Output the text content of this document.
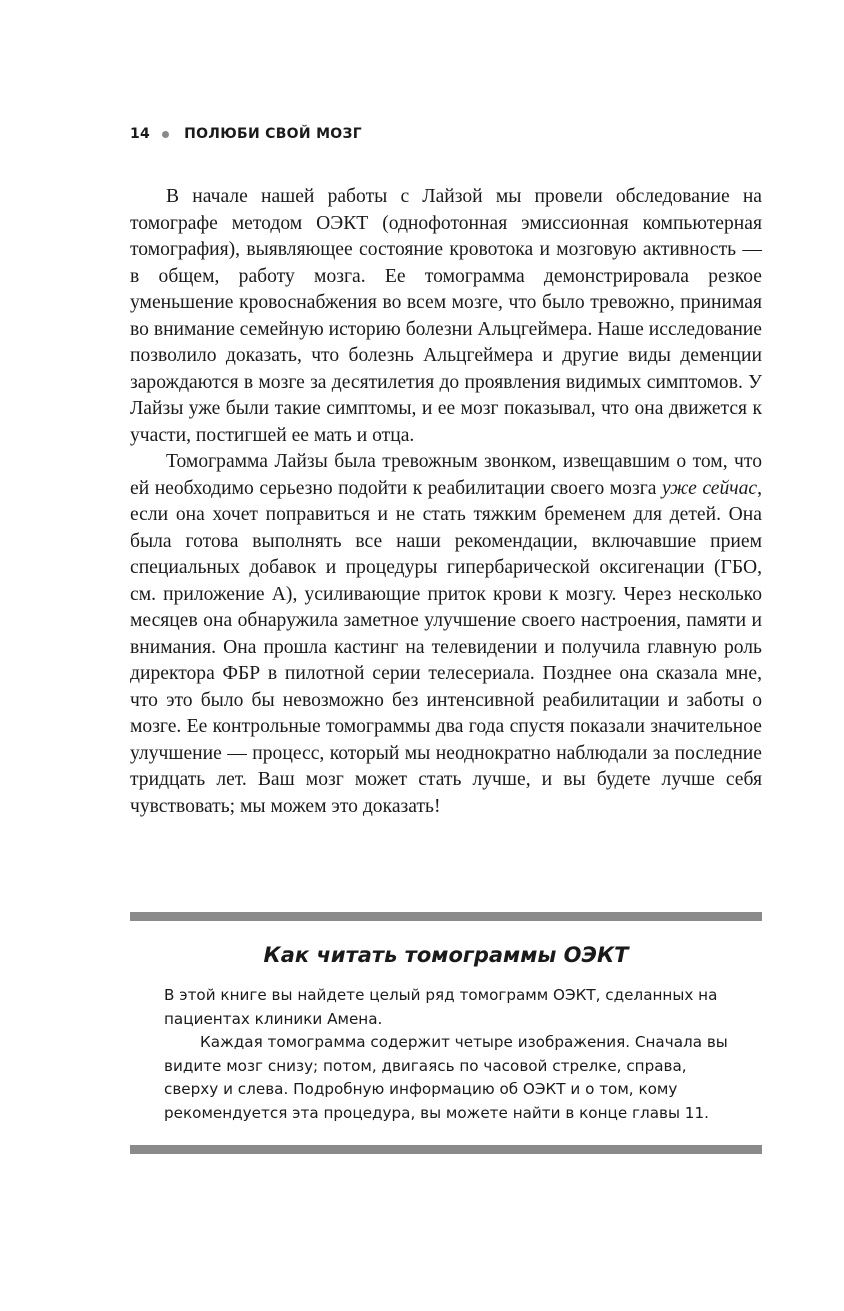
14 ПОЛЮБИ СВОЙ МОЗГ

В начале нашей работы с Лайзой мы провели обследование на томографе методом ОЭКТ (однофотонная эмиссионная компьютерная томография), выявляющее состояние кровотока и мозговую активность — в общем, работу мозга. Ее томограмма демонстрировала резкое уменьшение кровоснабжения во всем мозге, что было тревожно, принимая во внимание семейную историю болезни Альцгеймера. Наше исследование позволило доказать, что болезнь Альцгеймера и другие виды деменции зарождаются в мозге за десятилетия до проявления видимых симптомов. У Лайзы уже были такие симптомы, и ее мозг показывал, что она движется к участи, постигшей ее мать и отца.

Томограмма Лайзы была тревожным звонком, извещавшим о том, что ей необходимо серьезно подойти к реабилитации своего мозга уже сейчас, если она хочет поправиться и не стать тяжким бременем для детей. Она была готова выполнять все наши рекомендации, включавшие прием специальных добавок и процедуры гипербарической оксигенации (ГБО, см. приложение А), усиливающие приток крови к мозгу. Через несколько месяцев она обнаружила заметное улучшение своего настроения, памяти и внимания. Она прошла кастинг на телевидении и получила главную роль директора ФБР в пилотной серии телесериала. Позднее она сказала мне, что это было бы невозможно без интенсивной реабилитации и заботы о мозге. Ее контрольные томограммы два года спустя показали значительное улучшение — процесс, который мы неоднократно наблюдали за последние тридцать лет. Ваш мозг может стать лучше, и вы будете лучше себя чувствовать; мы можем это доказать!

Как читать томограммы ОЭКТ

В этой книге вы найдете целый ряд томограмм ОЭКТ, сделанных на пациентах клиники Амена.

Каждая томограмма содержит четыре изображения. Сначала вы видите мозг снизу; потом, двигаясь по часовой стрелке, справа, сверху и слева. Подробную информацию об ОЭКТ и о том, кому рекомендуется эта процедура, вы можете найти в конце главы 11.
